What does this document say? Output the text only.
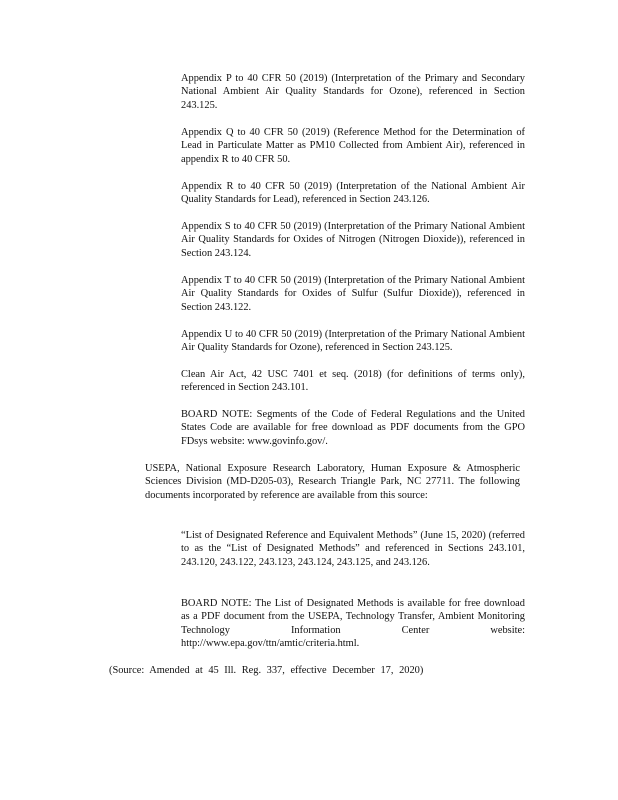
Appendix P to 40 CFR 50 (2019) (Interpretation of the Primary and Secondary National Ambient Air Quality Standards for Ozone), referenced in Section 243.125.

Appendix Q to 40 CFR 50 (2019) (Reference Method for the Determination of Lead in Particulate Matter as PM10 Collected from Ambient Air), referenced in appendix R to 40 CFR 50.

Appendix R to 40 CFR 50 (2019) (Interpretation of the National Ambient Air Quality Standards for Lead), referenced in Section 243.126.

Appendix S to 40 CFR 50 (2019) (Interpretation of the Primary National Ambient Air Quality Standards for Oxides of Nitrogen (Nitrogen Dioxide)), referenced in Section 243.124.

Appendix T to 40 CFR 50 (2019) (Interpretation of the Primary National Ambient Air Quality Standards for Oxides of Sulfur (Sulfur Dioxide)), referenced in Section 243.122.

Appendix U to 40 CFR 50 (2019) (Interpretation of the Primary National Ambient Air Quality Standards for Ozone), referenced in Section 243.125.

Clean Air Act, 42 USC 7401 et seq. (2018) (for definitions of terms only), referenced in Section 243.101.

BOARD NOTE: Segments of the Code of Federal Regulations and the United States Code are available for free download as PDF documents from the GPO FDsys website: www.govinfo.gov/.

USEPA, National Exposure Research Laboratory, Human Exposure & Atmospheric Sciences Division (MD-D205-03), Research Triangle Park, NC 27711. The following documents incorporated by reference are available from this source:

“List of Designated Reference and Equivalent Methods” (June 15, 2020) (referred to as the “List of Designated Methods” and referenced in Sections 243.101, 243.120, 243.122, 243.123, 243.124, 243.125, and 243.126.

BOARD NOTE: The List of Designated Methods is available for free download as a PDF document from the USEPA, Technology Transfer, Ambient Monitoring Technology Information Center website: http://www.epa.gov/ttn/amtic/criteria.html.

(Source: Amended at 45 Ill. Reg. 337, effective December 17, 2020)
